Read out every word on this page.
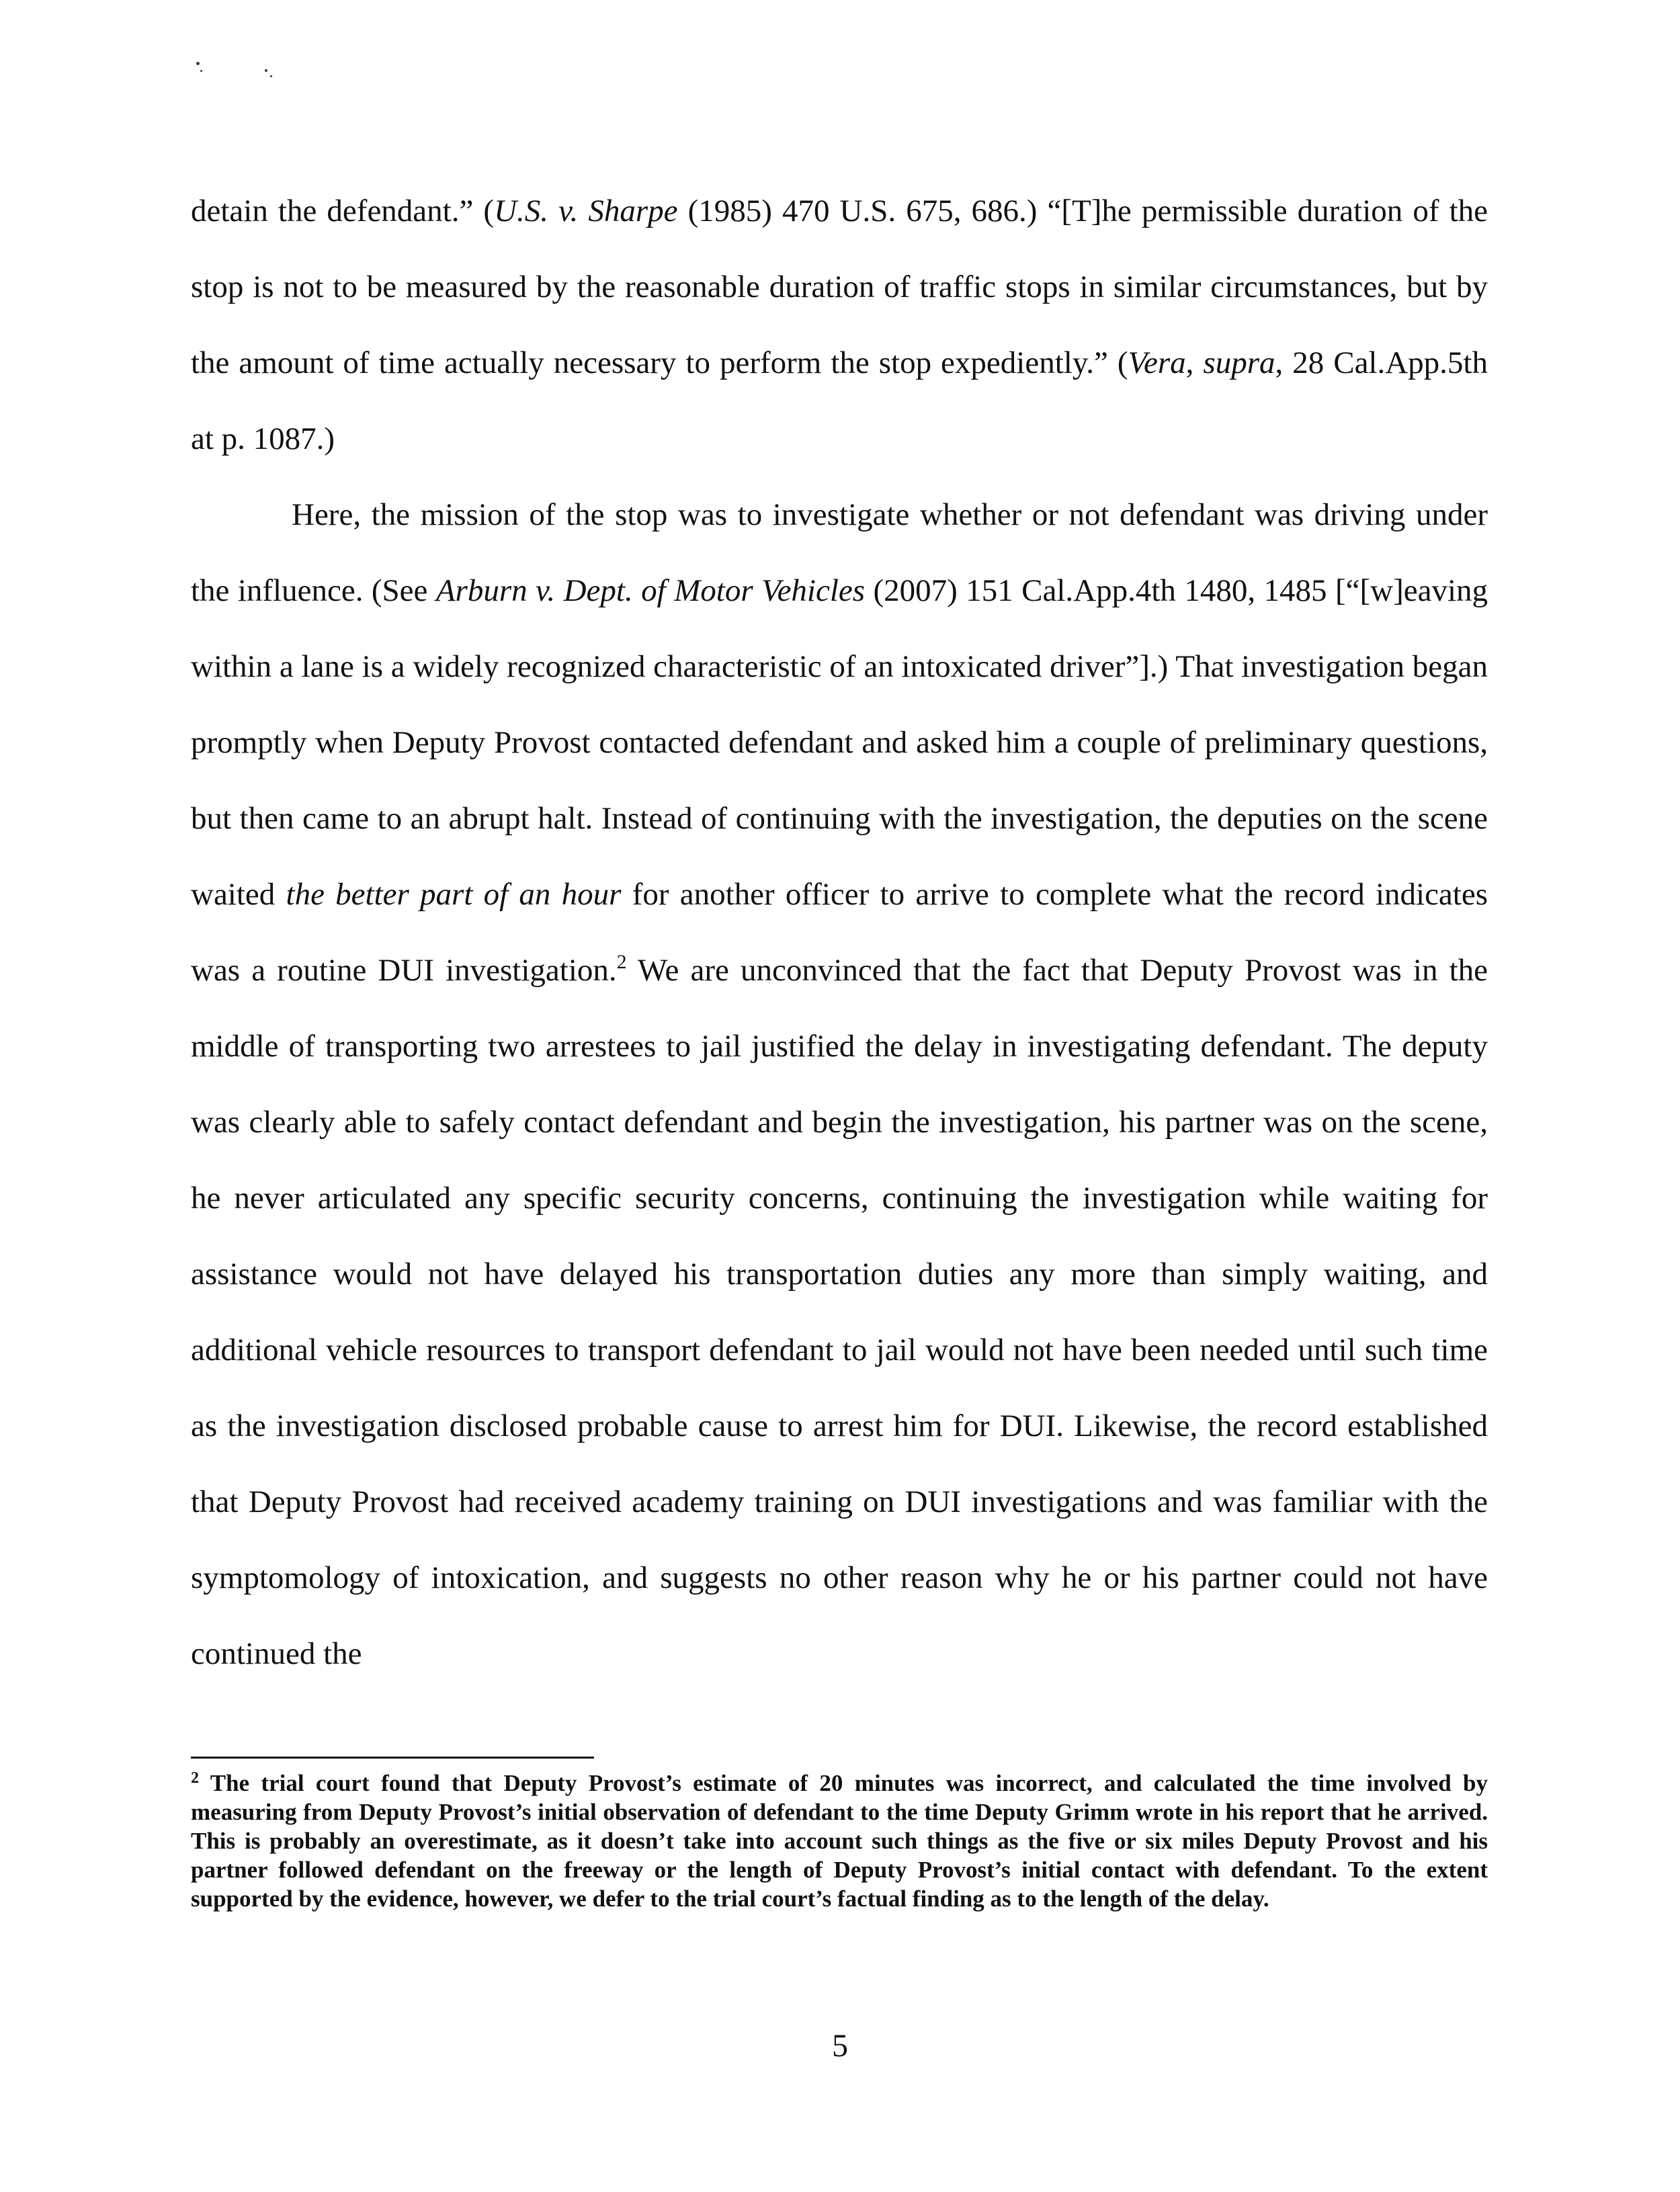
detain the defendant.” (U.S. v. Sharpe (1985) 470 U.S. 675, 686.) “[T]he permissible duration of the stop is not to be measured by the reasonable duration of traffic stops in similar circumstances, but by the amount of time actually necessary to perform the stop expediently.” (Vera, supra, 28 Cal.App.5th at p. 1087.)

Here, the mission of the stop was to investigate whether or not defendant was driving under the influence. (See Arburn v. Dept. of Motor Vehicles (2007) 151 Cal.App.4th 1480, 1485 [“[w]eaving within a lane is a widely recognized characteristic of an intoxicated driver”].) That investigation began promptly when Deputy Provost contacted defendant and asked him a couple of preliminary questions, but then came to an abrupt halt. Instead of continuing with the investigation, the deputies on the scene waited the better part of an hour for another officer to arrive to complete what the record indicates was a routine DUI investigation.$^2$ We are unconvinced that the fact that Deputy Provost was in the middle of transporting two arrestees to jail justified the delay in investigating defendant. The deputy was clearly able to safely contact defendant and begin the investigation, his partner was on the scene, he never articulated any specific security concerns, continuing the investigation while waiting for assistance would not have delayed his transportation duties any more than simply waiting, and additional vehicle resources to transport defendant to jail would not have been needed until such time as the investigation disclosed probable cause to arrest him for DUI. Likewise, the record established that Deputy Provost had received academy training on DUI investigations and was familiar with the symptomology of intoxication, and suggests no other reason why he or his partner could not have continued the

$^2$ The trial court found that Deputy Provost’s estimate of 20 minutes was incorrect, and calculated the time involved by measuring from Deputy Provost’s initial observation of defendant to the time Deputy Grimm wrote in his report that he arrived. This is probably an overestimate, as it doesn’t take into account such things as the five or six miles Deputy Provost and his partner followed defendant on the freeway or the length of Deputy Provost’s initial contact with defendant. To the extent supported by the evidence, however, we defer to the trial court’s factual finding as to the length of the delay.

5
